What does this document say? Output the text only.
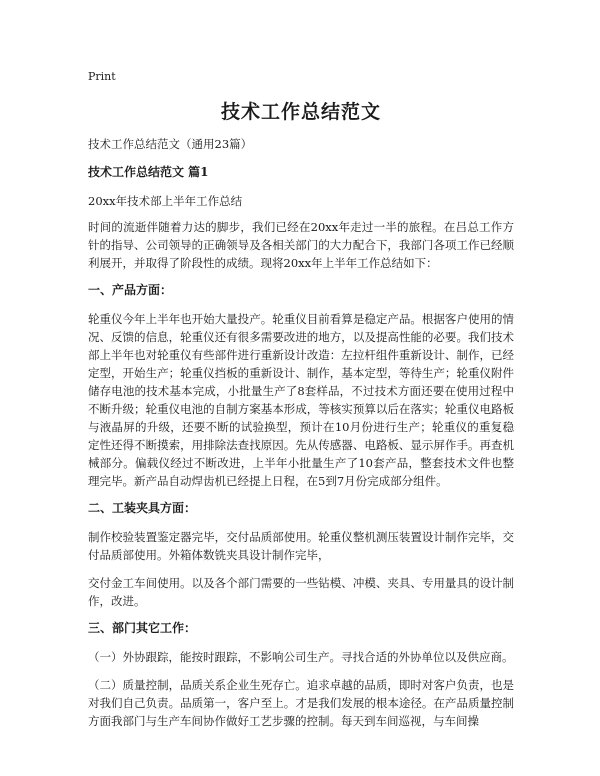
Print
技术工作总结范文
技术工作总结范文（通用23篇）
技术工作总结范文 篇1
20xx年技术部上半年工作总结
时间的流逝伴随着力达的脚步，我们已经在20xx年走过一半的旅程。在吕总工作方针的指导、公司领导的正确领导及各相关部门的大力配合下，我部门各项工作已经顺利展开，并取得了阶段性的成绩。现将20xx年上半年工作总结如下：
一、产品方面：
轮重仪今年上半年也开始大量投产。轮重仪目前看算是稳定产品。根据客户使用的情况、反馈的信息，轮重仪还有很多需要改进的地方，以及提高性能的必要。我们技术部上半年也对轮重仪有些部件进行重新设计改造：左拉杆组件重新设计、制作，已经定型，开始生产；轮重仪挡板的重新设计、制作，基本定型，等待生产；轮重仪附件储存电池的技术基本完成，小批量生产了8套样品，不过技术方面还要在使用过程中不断升级；轮重仪电池的自制方案基本形成，等核实预算以后在落实；轮重仪电路板与液晶屏的升级，还要不断的试验换型，预计在10月份进行生产；轮重仪的重复稳定性还得不断摸索，用排除法查找原因。先从传感器、电路板、显示屏作手。再查机械部分。偏载仪经过不断改进，上半年小批量生产了10套产品，整套技术文件也整理完毕。新产品自动焊齿机已经提上日程，在5到7月份完成部分组件。
二、工装夹具方面：
制作校验装置鉴定器完毕，交付品质部使用。轮重仪整机测压装置设计制作完毕，交付品质部使用。外箱体数铣夹具设计制作完毕，
交付金工车间使用。以及各个部门需要的一些钻模、冲模、夹具、专用量具的设计制作，改进。
三、部门其它工作：
（一）外协跟踪，能按时跟踪，不影响公司生产。寻找合适的外协单位以及供应商。
（二）质量控制，品质关系企业生死存亡。追求卓越的品质，即时对客户负责，也是对我们自己负责。品质第一，客户至上。才是我们发展的根本途径。在产品质量控制方面我部门与生产车间协作做好工艺步骤的控制。每天到车间巡视，与车间操
